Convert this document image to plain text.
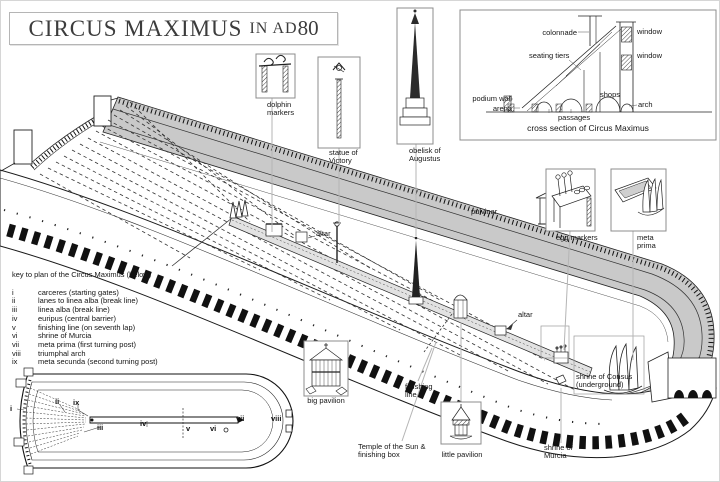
CIRCUS MAXIMUS IN AD 80
key to plan of the Circus Maximus (below)
i	carceres (starting gates)
ii	lanes to linea alba (break line)
iii	linea alba (break line)
iv	euripus (central barrier)
v	finishing line (on seventh lap)
vi	shrine of Murcia
vii	meta prima (first turning post)
viii	triumphal arch
ix	meta secunda (second turning post)
dolphin markers
statue of Victory
obelisk of Augustus
egg markers	meta prima
big pavilion
little pavilion
altar
pulvinar
altar
shrine of Consus (underground)
finishing line
Temple of the Sun & finishing box
shrine of Murcia
colonnade	window
window
seating tiers
podium wall
arena
shops
arch
passages
cross section of Circus Maximus
i
ii ix
iii	iv
v	vi
vii	viii
